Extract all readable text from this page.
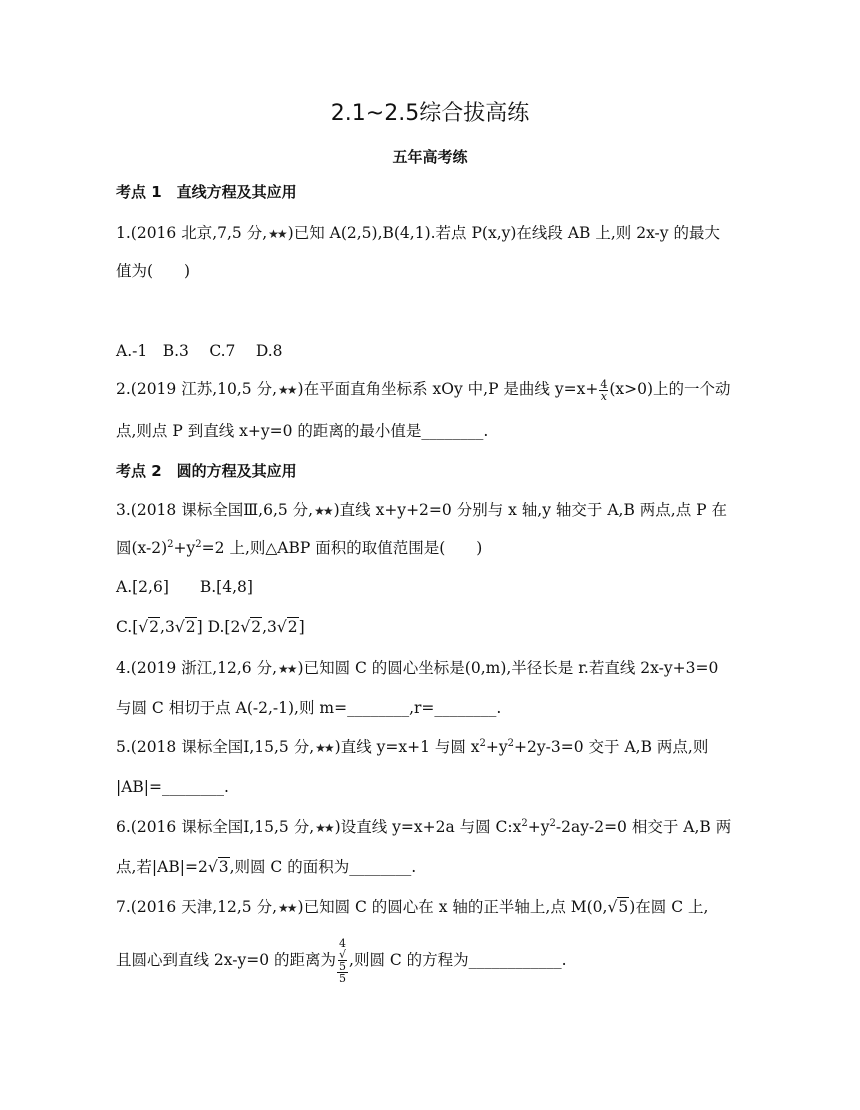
2.1~2.5综合拔高练
五年高考练
考点 1　直线方程及其应用
1.(2016 北京,7,5 分,★★ )已知 A(2,5),B(4,1).若点 P(x,y)在线段 AB 上,则 2x-y 的最大
值为(　　)
A.-1　B.3　 C.7　 D.8
2.(2019 江苏,10,5 分,★★ )在平面直角坐标系 xOy 中,P 是曲线 $y=x+ \frac{4}{x} (x>0)$上的一个动
点,则点 P 到直线 x+y=0 的距离的最小值是________.
考点 2　圆的方程及其应用
3.(2018 课标全国Ⅲ,6,5 分,★★ )直线 x+y+2=0 分别与 x 轴,y 轴交于 A,B 两点,点 P 在
圆$(x-2)^2+y^2=2$ 上,则△ABP 面积的取值范围是(　　)
A.[2,6]　　B.[4,8]
C.[√2,3√2] D.[2√2,3√2]
4.(2019 浙江,12,6 分,★★ )已知圆 C 的圆心坐标是(0,m),半径长是 r.若直线 2x-y+3=0
与圆 C 相切于点 A(-2,-1),则 m=________,r=________.
5.(2018 课标全国Ⅰ,15,5 分,★★ )直线 y=x+1 与圆 $x^2+y^2+2y-3=0$ 交于 A,B 两点,则
|AB|=________.
6.(2016 课标全国Ⅰ,15,5 分,★★ )设直线 y=x+2a 与圆 $C:x^2+y^2-2ay-2=0$ 相交于 A,B 两
点,若|AB|=2√3,则圆 C 的面积为________.
7.(2016 天津,12,5 分,★★ )已知圆 C 的圆心在 x 轴的正半轴上,点 M(0,√5)在圆 C 上,
且圆心到直线 2x-y=0 的距离为 4
√
5
5 ,则圆 C 的方程为____________.
